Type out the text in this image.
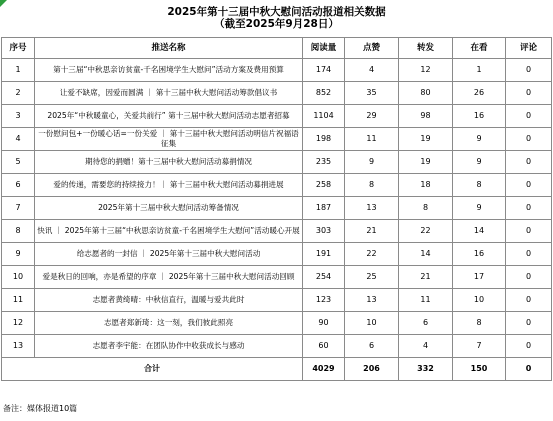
2025年第十三届中秋大慰问活动报道相关数据
（截至2025年9月28日）
序号	推送名称	阅读量	点赞	转发	在看	评论
1	第十三届“中秋思亲访贫童-千名困境学生大慰问”活动方案及费用预算	174	4	12	1	0
2	让爱不缺席，因爱而圆满 ｜ 第十三届中秋大慰问活动筹款倡议书	852	35	80	26	0
3	2025年“中秋暖童心，关爱共前行” 第十三届中秋大慰问活动志愿者招募	1104	29	98	16	0
4	一份慰问包+一份暖心话=一份关爱 ｜ 第十三届中秋大慰问活动明信片祝福语征集	198	11	19	9	0
5	期待您的捐赠！第十三届中秋大慰问活动募捐情况	235	9	19	9	0
6	爱的传递，需要您的持续接力！｜ 第十三届中秋大慰问活动募捐进展	258	8	18	8	0
7	2025年第十三届中秋大慰问活动筹备情况	187	13	8	9	0
8	快讯 ｜ 2025年第十三届“中秋思亲访贫童-千名困境学生大慰问”活动暖心开展	303	21	22	14	0
9	给志愿者的一封信 ｜ 2025年第十三届中秋大慰问活动	191	22	14	16	0
10	爱是秋日的回响，亦是希望的序章 ｜ 2025年第十三届中秋大慰问活动回顾	254	25	21	17	0
11	志愿者黄绮晴：中秋信直行，温暖与爱共此时	123	13	11	10	0
12	志愿者郑新琦：这一刻，我们彼此照亮	90	10	6	8	0
13	志愿者李宇能：在团队协作中收获成长与感动	60	6	4	7	0
合计		4029	206	332	150	0
备注：媒体报道10篇
